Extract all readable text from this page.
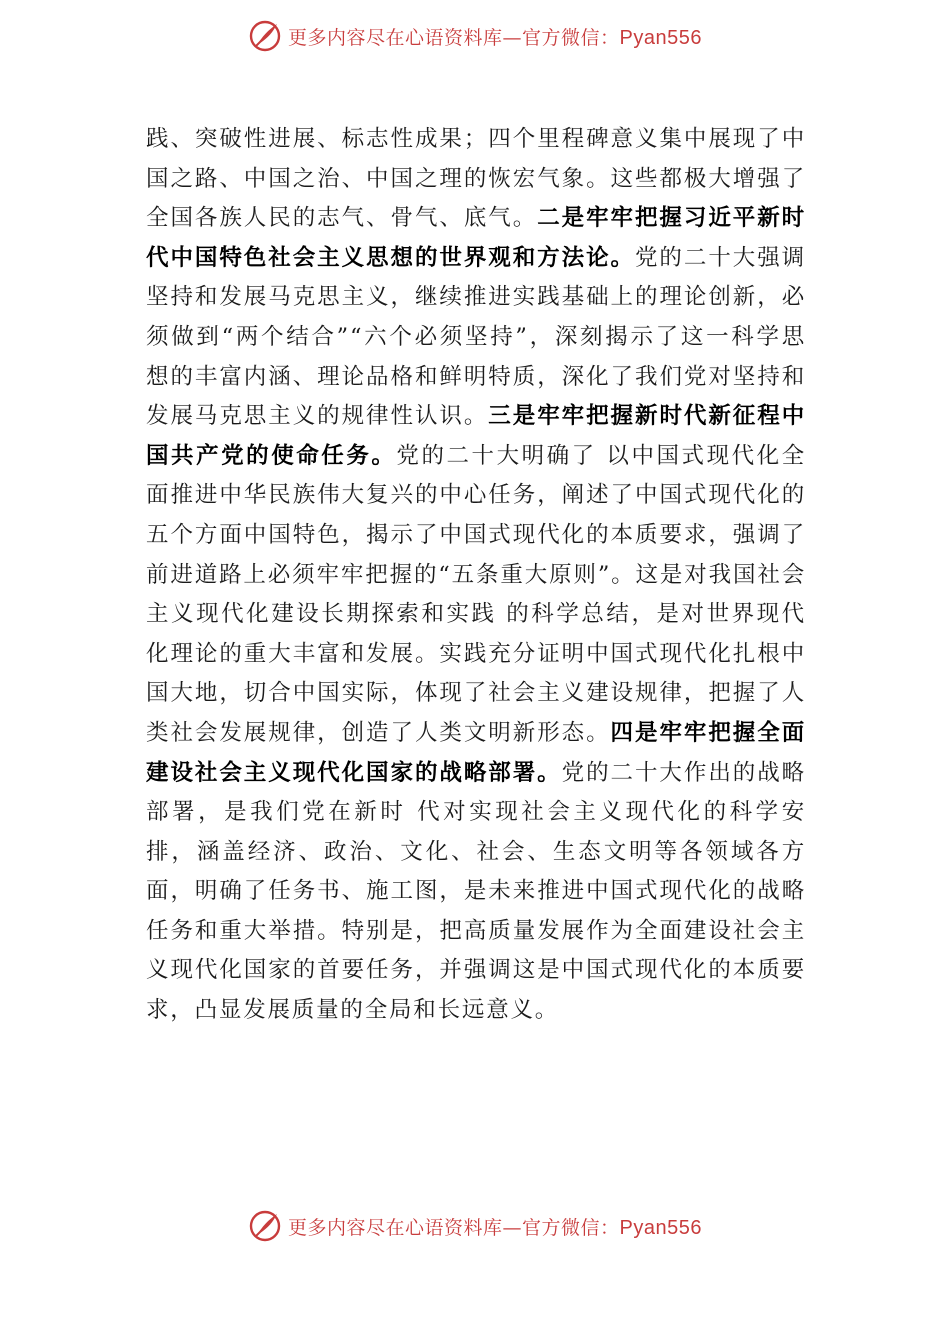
更多内容尽在心语资料库—官方微信：Pyan556

践、突破性进展、标志性成果；四个里程碑意义集中展现了中国之路、中国之治、中国之理的恢宏气象。这些都极大增强了全国各族人民的志气、骨气、底气。二是牢牢把握习近平新时代中国特色社会主义思想的世界观和方法论。党的二十大强调坚持和发展马克思主义，继续推进实践基础上的理论创新，必须做到“两个结合”“六个必须坚持”，深刻揭示了这一科学思想的丰富内涵、理论品格和鲜明特质，深化了我们党对坚持和发展马克思主义的规律性认识。三是牢牢把握新时代新征程中国共产党的使命任务。党的二十大明确了 以中国式现代化全面推进中华民族伟大复兴的中心任务，阐述了中国式现代化的五个方面中国特色，揭示了中国式现代化的本质要求，强调了前进道路上必须牢牢把握的“五条重大原则”。这是对我国社会主义现代化建设长期探索和实践 的科学总结，是对世界现代化理论的重大丰富和发展。实践充分证明中国式现代化扎根中国大地，切合中国实际，体现了社会主义建设规律，把握了人类社会发展规律，创造了人类文明新形态。四是牢牢把握全面建设社会主义现代化国家的战略部署。党的二十大作出的战略部署，是我们党在新时 代对实现社会主义现代化的科学安排，涵盖经济、政治、文化、社会、生态文明等各领域各方面，明确了任务书、施工图，是未来推进中国式现代化的战略任务和重大举措。特别是，把高质量发展作为全面建设社会主义现代化国家的首要任务，并强调这是中国式现代化的本质要求，凸显发展质量的全局和长远意义。

更多内容尽在心语资料库—官方微信：Pyan556
